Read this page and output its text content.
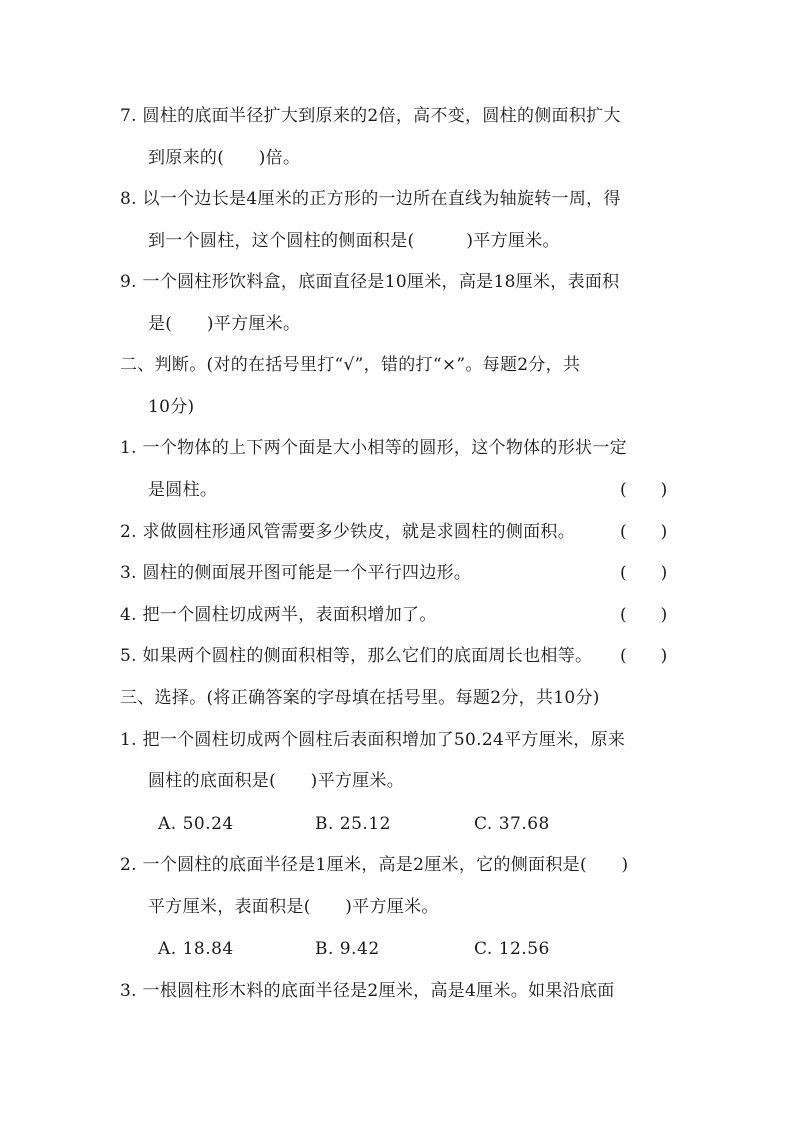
7. 圆柱的底面半径扩大到原来的2倍，高不变，圆柱的侧面积扩大
到原来的(　　)倍。
8. 以一个边长是4厘米的正方形的一边所在直线为轴旋转一周，得
到一个圆柱，这个圆柱的侧面积是(　　　)平方厘米。
9. 一个圆柱形饮料盒，底面直径是10厘米，高是18厘米，表面积
是(　　)平方厘米。
二、判断。(对的在括号里打“√”，错的打“×”。每题2分，共
10分)
1. 一个物体的上下两个面是大小相等的圆形，这个物体的形状一定
是圆柱。	(　　)
2. 求做圆柱形通风管需要多少铁皮，就是求圆柱的侧面积。	(　　)
3. 圆柱的侧面展开图可能是一个平行四边形。	(　　)
4. 把一个圆柱切成两半，表面积增加了。	(　　)
5. 如果两个圆柱的侧面积相等，那么它们的底面周长也相等。 (　　)
三、选择。(将正确答案的字母填在括号里。每题2分，共10分)
1. 把一个圆柱切成两个圆柱后表面积增加了50.24平方厘米，原来
圆柱的底面积是(　　)平方厘米。
A. 50.24	B. 25.12	C. 37.68
2. 一个圆柱的底面半径是1厘米，高是2厘米，它的侧面积是(　　)
平方厘米，表面积是(　　)平方厘米。
A. 18.84	B. 9.42	C. 12.56
3. 一根圆柱形木料的底面半径是2厘米，高是4厘米。如果沿底面
